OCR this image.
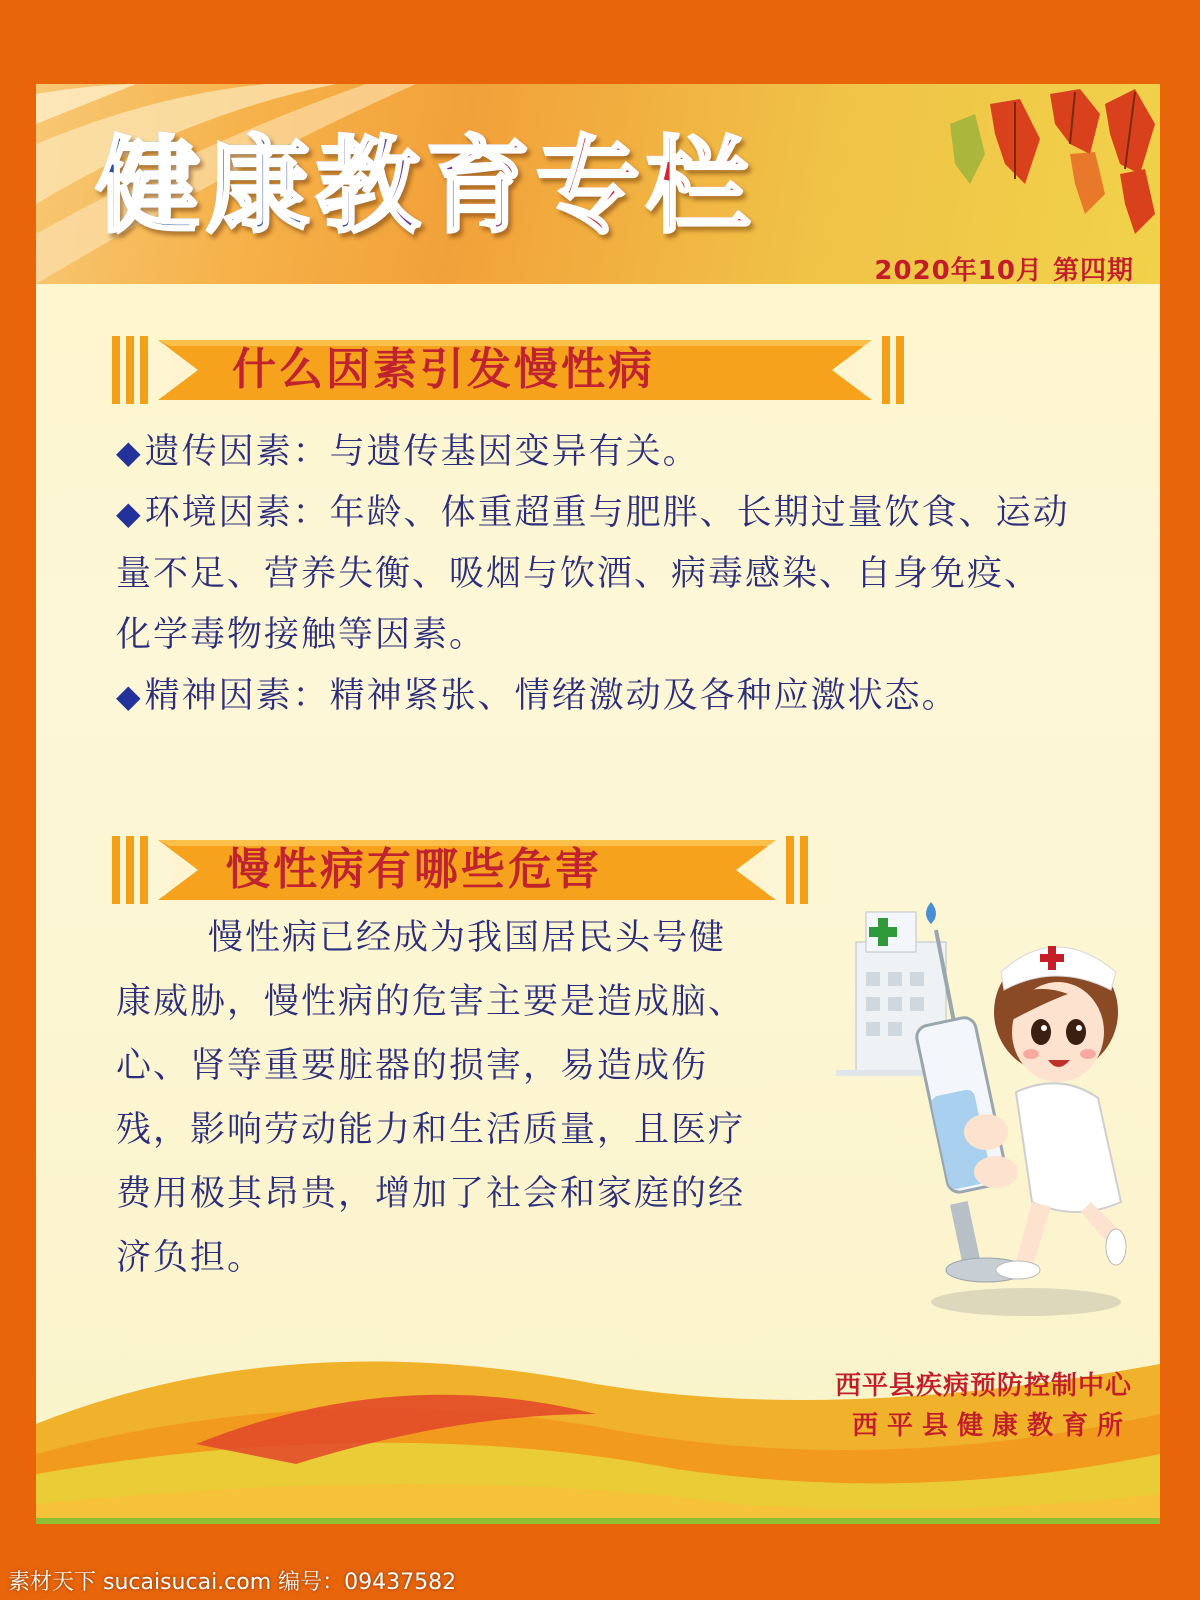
健康教育专栏
2020年10月 第四期
什么因素引发慢性病

◆遗传因素：与遗传基因变异有关。

◆环境因素：年龄、体重超重与肥胖、长期过量饮食、运动量不足、营养失衡、吸烟与饮酒、病毒感染、自身免疫、化学毒物接触等因素。

◆精神因素：精神紧张、情绪激动及各种应激状态。

慢性病有哪些危害
慢性病已经成为我国居民头号健康威胁，慢性病的危害主要是造成脑、心、肾等重要脏器的损害，易造成伤残，影响劳动能力和生活质量，且医疗费用极其昂贵，增加了社会和家庭的经济负担。
西平县疾病预防控制中心
西平县健康教育所
素材天下 sucaisucai.com 编号：09437582
